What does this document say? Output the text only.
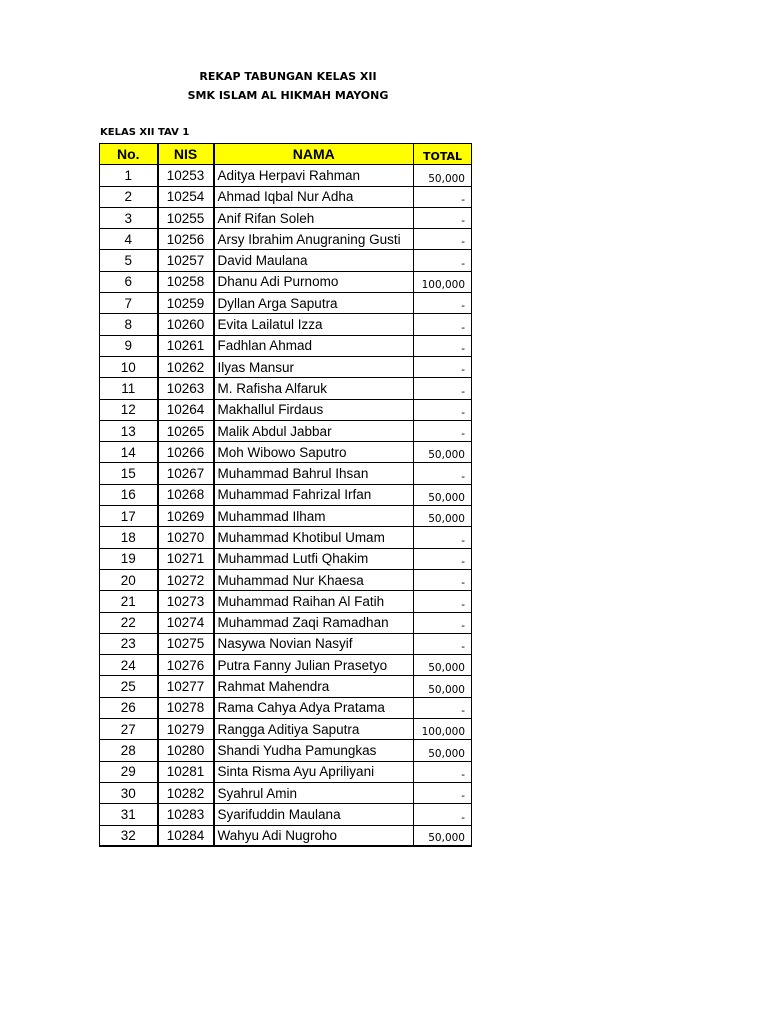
REKAP TABUNGAN KELAS XII
SMK ISLAM AL HIKMAH MAYONG
KELAS XII TAV 1
No.	NIS	NAMA	TOTAL
1	10253	Aditya Herpavi Rahman	50,000
2	10254	Ahmad Iqbal Nur Adha	-
3	10255	Anif Rifan Soleh	-
4	10256	Arsy Ibrahim Anugraning Gusti	-
5	10257	David Maulana	-
6	10258	Dhanu Adi Purnomo	100,000
7	10259	Dyllan Arga Saputra	-
8	10260	Evita Lailatul Izza	-
9	10261	Fadhlan Ahmad	-
10	10262	Ilyas Mansur	-
11	10263	M. Rafisha Alfaruk	-
12	10264	Makhallul Firdaus	-
13	10265	Malik Abdul Jabbar	-
14	10266	Moh Wibowo Saputro	50,000
15	10267	Muhammad Bahrul Ihsan	-
16	10268	Muhammad Fahrizal Irfan	50,000
17	10269	Muhammad Ilham	50,000
18	10270	Muhammad Khotibul Umam	-
19	10271	Muhammad Lutfi Qhakim	-
20	10272	Muhammad Nur Khaesa	-
21	10273	Muhammad Raihan Al Fatih	-
22	10274	Muhammad Zaqi Ramadhan	-
23	10275	Nasywa Novian Nasyif	-
24	10276	Putra Fanny Julian Prasetyo	50,000
25	10277	Rahmat Mahendra	50,000
26	10278	Rama Cahya Adya Pratama	-
27	10279	Rangga Aditiya Saputra	100,000
28	10280	Shandi Yudha Pamungkas	50,000
29	10281	Sinta Risma Ayu Apriliyani	-
30	10282	Syahrul Amin	-
31	10283	Syarifuddin Maulana	-
32	10284	Wahyu Adi Nugroho	50,000
